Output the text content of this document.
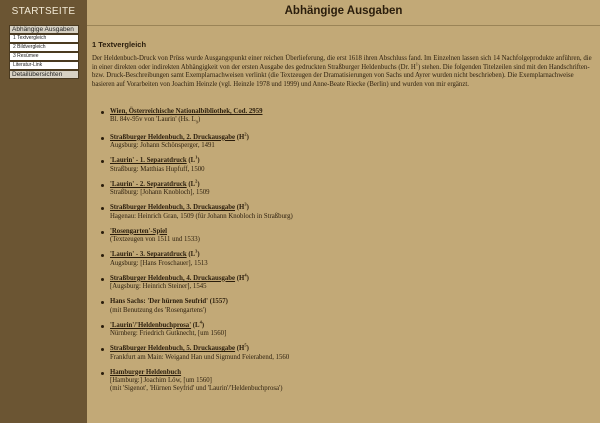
STARTSEITE
Abhängige Ausgaben
1 Textvergleich
2 Bildvergleich
3 Resümee
Literatur-Link
Detailübersichten
Abhängige Ausgaben
1 Textvergleich
Der Heldenbuch-Druck von Prüss wurde Ausgangspunkt einer reichen Überlieferung, die erst 1618 ihren Abschluss fand. Im Einzelnen lassen sich 14 Nachfolgeprodukte anführen, die in einer direkten oder indirekten Abhängigkeit von der ersten Ausgabe des gedruckten Straßburger Heldenbuchs (Dr. $H^1$) stehen. Die folgenden Titelzeilen sind mit den Handschriften- bzw. Druck-Beschreibungen samt Exemplarnachweisen verlinkt (die Textzeugen der Dramatisierungen von Sachs und Ayrer wurden nicht beschrieben). Die Exemplarnachweise basieren auf Vorarbeiten von Joachim Heinzle (vgl. Heinzle 1978 und 1999) und Anne-Beate Riecke (Berlin) und wurden von mir ergänzt.
Wien, Österreichische Nationalbibliothek, Cod. 2959
Bl. 84v-95v von 'Laurin' (Hs. $L_9$)
Straßburger Heldenbuch, 2. Druckausgabe $(H^2)$
Augsburg: Johann Schönsperger, 1491
'Laurin' - 1. Separatdruck $(L^1)$
Straßburg: Matthias Hupfuff, 1500
'Laurin' - 2. Separatdruck $(L^2)$
Straßburg: [Johann Knobloch], 1509
Straßburger Heldenbuch, 3. Druckausgabe $(H^3)$
Hagenau: Heinrich Gran, 1509 (für Johann Knobloch in Straßburg)
'Rosengarten'-Spiel
(Textzeugen von 1511 und 1533)
'Laurin' - 3. Separatdruck $(L^3)$
Augsburg: [Hans Froschauer], 1513
Straßburger Heldenbuch, 4. Druckausgabe $(H^4)$
[Augsburg: Heinrich Steiner], 1545
Hans Sachs: 'Der hürnen Seufrid' (1557)
(mit Benutzung des 'Rosengartens')
'Laurin'/'Heldenbuchprosa' $(L^4)$
Nürnberg: Friedrich Gutknecht, [um 1560]
Straßburger Heldenbuch, 5. Druckausgabe $(H^5)$
Frankfurt am Main: Weigand Han und Sigmund Feierabend, 1560
Hamburger Heldenbuch
[Hamburg:] Joachim Löw, [um 1560]
(mit 'Sigenot', 'Hürnen Seyfrid' und 'Laurin'/'Heldenbuchprosa')
